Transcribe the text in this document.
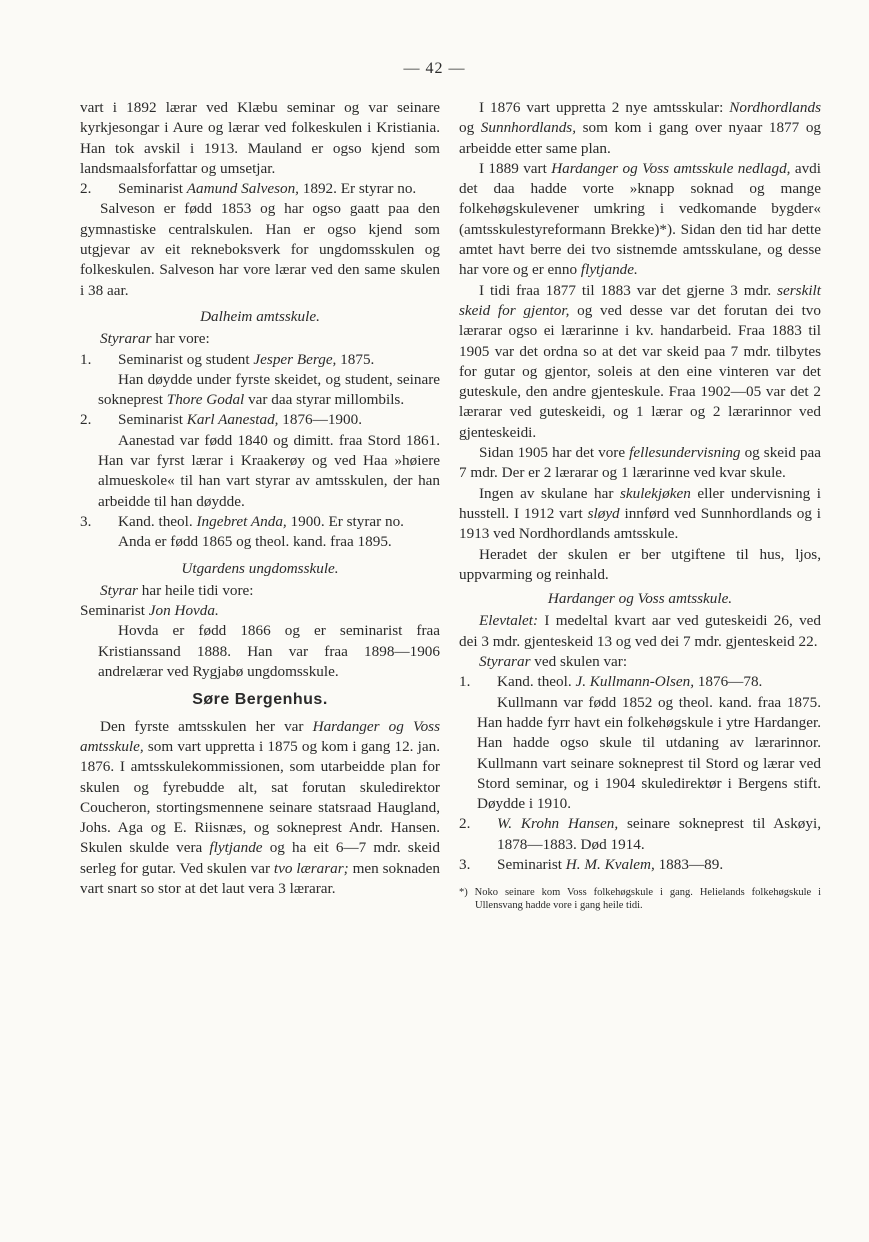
— 42 —

vart i 1892 lærar ved Klæbu seminar og var seinare kyrkjesongar i Aure og lærar ved folkeskulen i Kristiania. Han tok avskil i 1913. Mauland er ogso kjend som landsmaalsforfattar og umsetjar.

2. Seminarist Aamund Salveson, 1892. Er styrar no.

Salveson er fødd 1853 og har ogso gaatt paa den gymnastiske centralskulen. Han er ogso kjend som utgjevar av eit rekneboksverk for ungdomsskulen og folkeskulen. Salveson har vore lærar ved den same skulen i 38 aar.

Dalheim amtsskule.

Styrarar har vore:

1. Seminarist og student Jesper Berge, 1875.

Han døydde under fyrste skeidet, og student, seinare sokneprest Thore Godal var daa styrar millombils.

2. Seminarist Karl Aanestad, 1876—1900.

Aanestad var fødd 1840 og dimitt. fraa Stord 1861. Han var fyrst lærar i Kraakerøy og ved Haa »høiere almueskole« til han vart styrar av amtsskulen, der han arbeidde til han døydde.

3. Kand. theol. Ingebret Anda, 1900. Er styrar no.

Anda er fødd 1865 og theol. kand. fraa 1895.

Utgardens ungdomsskule.

Styrar har heile tidi vore:

Seminarist Jon Hovda.

Hovda er fødd 1866 og er seminarist fraa Kristianssand 1888. Han var fraa 1898—1906 andrelærar ved Rygjabø ungdomsskule.

Søre Bergenhus.

Den fyrste amtsskulen her var Hardanger og Voss amtsskule, som vart uppretta i 1875 og kom i gang 12. jan. 1876. I amtsskulekommissionen, som utarbeidde plan for skulen og fyrebudde alt, sat forutan skuledirektor Coucheron, stortingsmennene seinare statsraad Haugland, Johs. Aga og E. Riisnæs, og sokneprest Andr. Hansen. Skulen skulde vera flytjande og ha eit 6—7 mdr. skeid serleg for gutar. Ved skulen var tvo lærarar; men soknaden vart snart so stor at det laut vera 3 lærarar.

I 1876 vart uppretta 2 nye amtsskular: Nordhordlands og Sunnhordlands, som kom i gang over nyaar 1877 og arbeidde etter same plan.

I 1889 vart Hardanger og Voss amtsskule nedlagd, avdi det daa hadde vorte »knapp soknad og mange folkehøgskulevener umkring i vedkomande bygder« (amtsskulestyreformann Brekke)*). Sidan den tid har dette amtet havt berre dei tvo sistnemde amtsskulane, og desse har vore og er enno flytjande.

I tidi fraa 1877 til 1883 var det gjerne 3 mdr. serskilt skeid for gjentor, og ved desse var det forutan dei tvo lærarar ogso ei lærarinne i kv. handarbeid. Fraa 1883 til 1905 var det ordna so at det var skeid paa 7 mdr. tilbytes for gutar og gjentor, soleis at den eine vinteren var det guteskule, den andre gjenteskule. Fraa 1902—05 var det 2 lærarar ved guteskeidi, og 1 lærar og 2 lærarinnor ved gjenteskeidi.

Sidan 1905 har det vore fellesundervisning og skeid paa 7 mdr. Der er 2 lærarar og 1 lærarinne ved kvar skule.

Ingen av skulane har skulekjøken eller undervisning i husstell. I 1912 vart sløyd innførd ved Sunnhordlands og i 1913 ved Nordhordlands amtsskule.

Heradet der skulen er ber utgiftene til hus, ljos, uppvarming og reinhald.

Hardanger og Voss amtsskule.

Elevtalet: I medeltal kvart aar ved guteskeidi 26, ved dei 3 mdr. gjenteskeid 13 og ved dei 7 mdr. gjenteskeid 22.

Styrarar ved skulen var:

1. Kand. theol. J. Kullmann-Olsen, 1876—78.

Kullmann var fødd 1852 og theol. kand. fraa 1875. Han hadde fyrr havt ein folkehøgskule i ytre Hardanger. Han hadde ogso skule til utdaning av lærarinnor. Kullmann vart seinare sokneprest til Stord og lærar ved Stord seminar, og i 1904 skuledirektør i Bergens stift. Døydde i 1910.

2. W. Krohn Hansen, seinare sokneprest til Askøyi, 1878—1883. Død 1914.

3. Seminarist H. M. Kvalem, 1883—89.

*) Noko seinare kom Voss folkehøgskule i gang. Helielands folkehøgskule i Ullensvang hadde vore i gang heile tidi.
